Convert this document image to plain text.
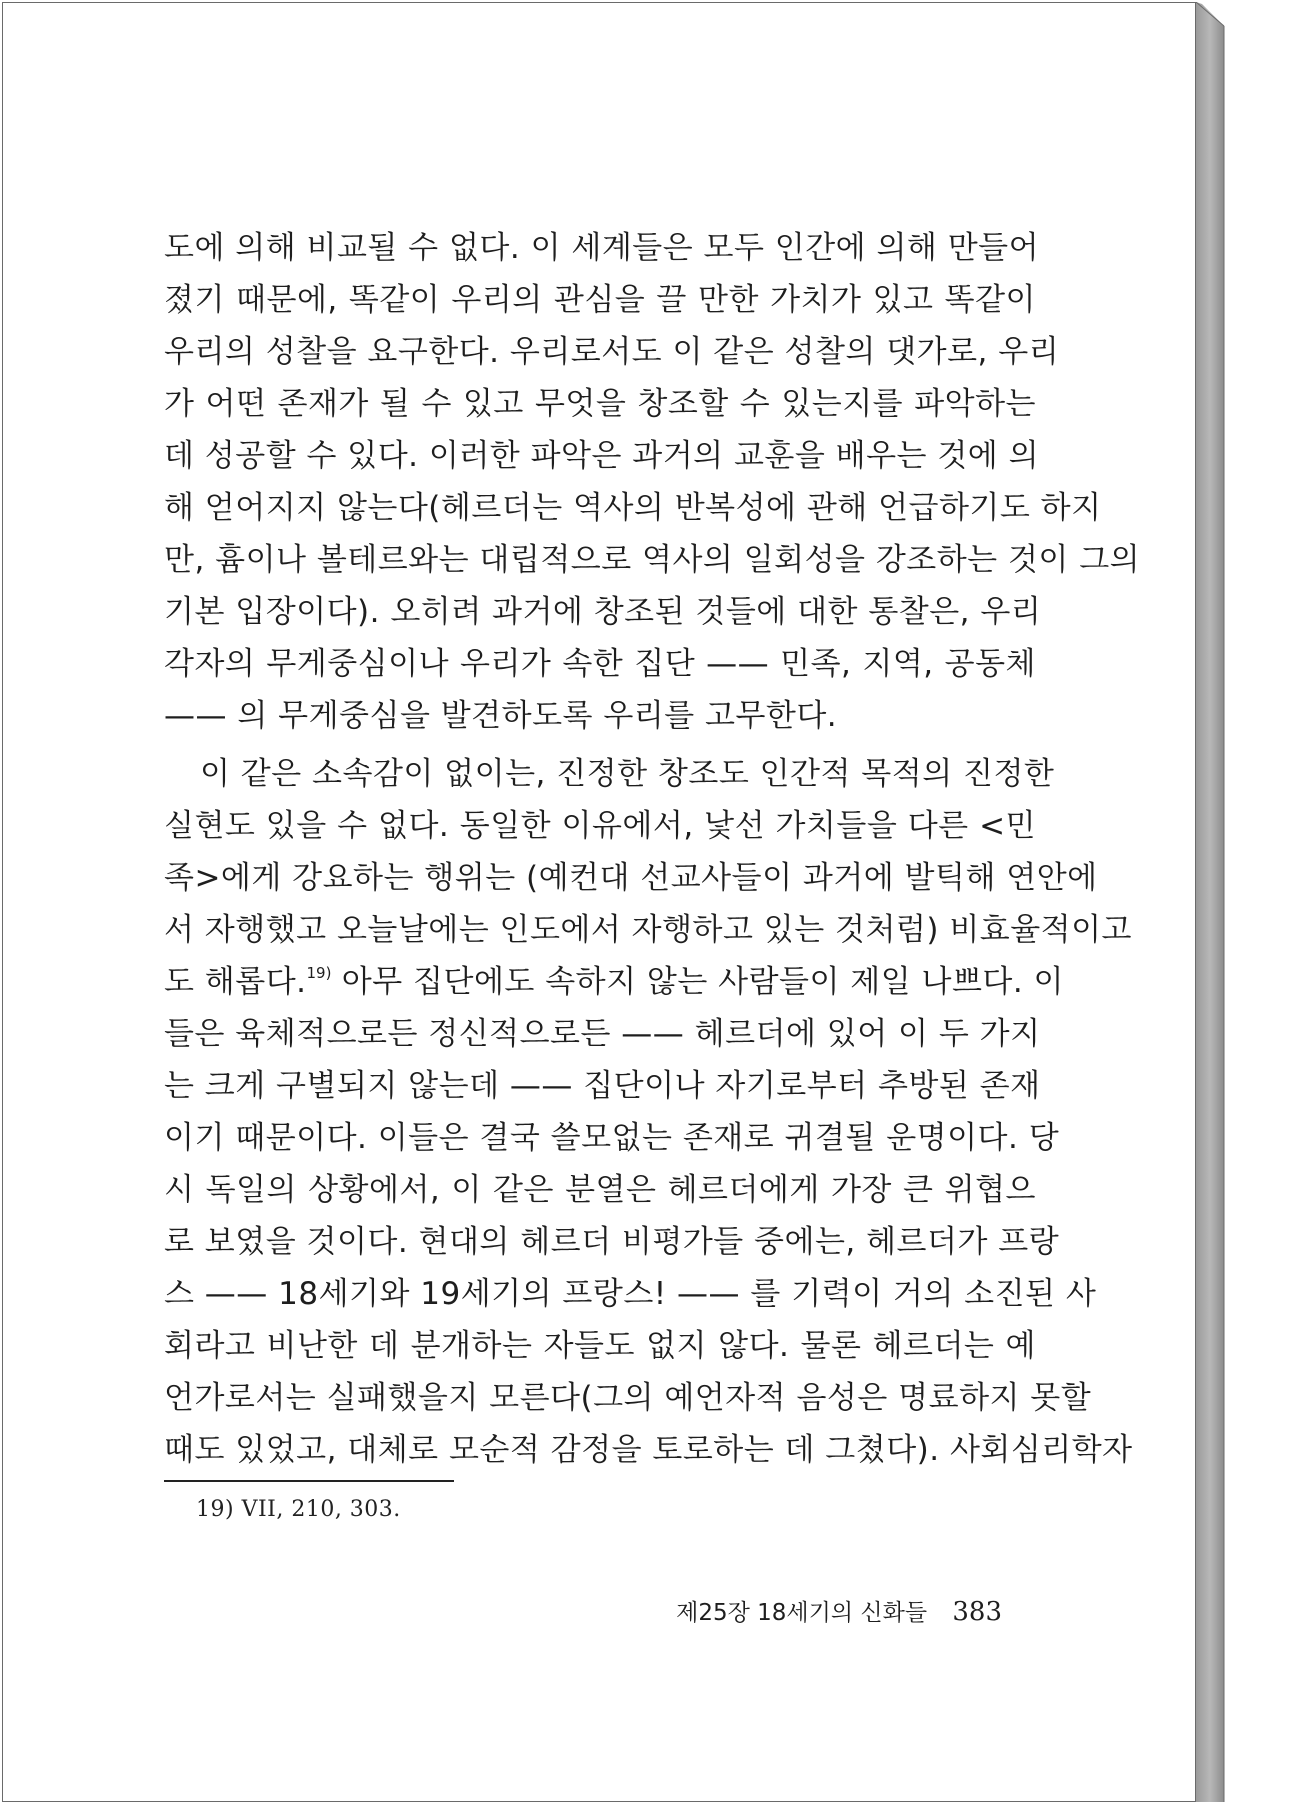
도에 의해 비교될 수 없다. 이 세계들은 모두 인간에 의해 만들어
졌기 때문에, 똑같이 우리의 관심을 끌 만한 가치가 있고 똑같이
우리의 성찰을 요구한다. 우리로서도 이 같은 성찰의 댓가로, 우리
가 어떤 존재가 될 수 있고 무엇을 창조할 수 있는지를 파악하는
데 성공할 수 있다. 이러한 파악은 과거의 교훈을 배우는 것에 의
해 얻어지지 않는다(헤르더는 역사의 반복성에 관해 언급하기도 하지
만, 흄이나 볼테르와는 대립적으로 역사의 일회성을 강조하는 것이 그의
기본 입장이다). 오히려 과거에 창조된 것들에 대한 통찰은, 우리
각자의 무게중심이나 우리가 속한 집단 —— 민족, 지역, 공동체
—— 의 무게중심을 발견하도록 우리를 고무한다.
이 같은 소속감이 없이는, 진정한 창조도 인간적 목적의 진정한
실현도 있을 수 없다. 동일한 이유에서, 낯선 가치들을 다른 <민
족>에게 강요하는 행위는 (예컨대 선교사들이 과거에 발틱해 연안에
서 자행했고 오늘날에는 인도에서 자행하고 있는 것처럼) 비효율적이고
도 해롭다.$^{19)}$ 아무 집단에도 속하지 않는 사람들이 제일 나쁘다. 이
들은 육체적으로든 정신적으로든 —— 헤르더에 있어 이 두 가지
는 크게 구별되지 않는데 —— 집단이나 자기로부터 추방된 존재
이기 때문이다. 이들은 결국 쓸모없는 존재로 귀결될 운명이다. 당
시 독일의 상황에서, 이 같은 분열은 헤르더에게 가장 큰 위협으
로 보였을 것이다. 현대의 헤르더 비평가들 중에는, 헤르더가 프랑
스 —— 18세기와 19세기의 프랑스! —— 를 기력이 거의 소진된 사
회라고 비난한 데 분개하는 자들도 없지 않다. 물론 헤르더는 예
언가로서는 실패했을지 모른다(그의 예언자적 음성은 명료하지 못할
때도 있었고, 대체로 모순적 감정을 토로하는 데 그쳤다). 사회심리학자
19) VII, 210, 303.
제25장 18세기의 신화들 383
